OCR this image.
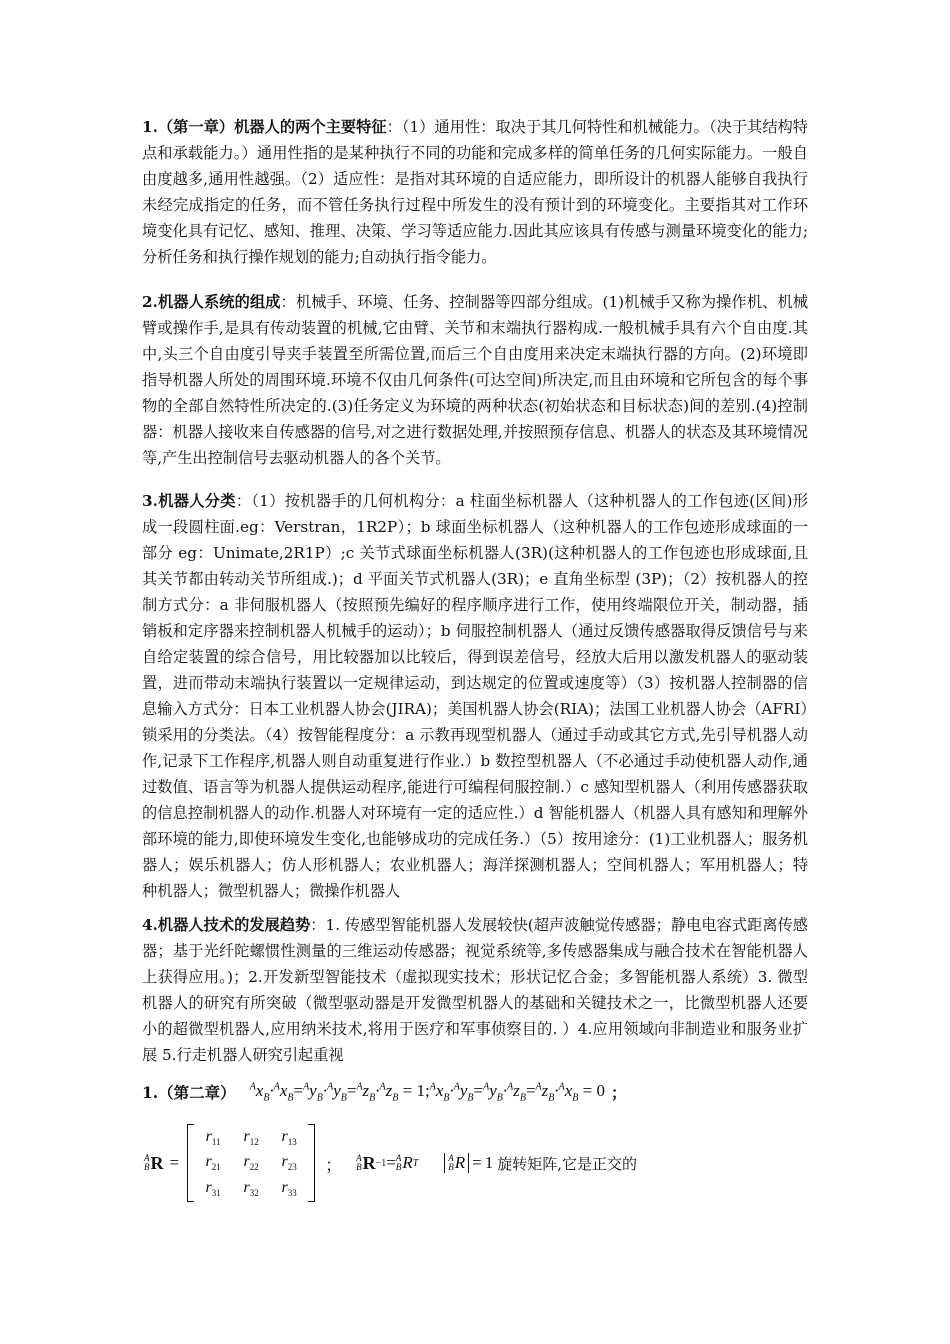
1.（第一章）机器人的两个主要特征：（1）通用性：取决于其几何特性和机械能力。（决于其结构特点和承载能力。）通用性指的是某种执行不同的功能和完成多样的简单任务的几何实际能力。一般自由度越多,通用性越强。（2）适应性：是指对其环境的自适应能力，即所设计的机器人能够自我执行未经完成指定的任务，而不管任务执行过程中所发生的没有预计到的环境变化。主要指其对工作环境变化具有记忆、感知、推理、决策、学习等适应能力.因此其应该具有传感与测量环境变化的能力;分析任务和执行操作规划的能力;自动执行指令能力。

2.机器人系统的组成：机械手、环境、任务、控制器等四部分组成。(1)机械手又称为操作机、机械臂或操作手,是具有传动装置的机械,它由臂、关节和末端执行器构成.一般机械手具有六个自由度.其中,头三个自由度引导夹手装置至所需位置,而后三个自由度用来决定末端执行器的方向。(2)环境即指导机器人所处的周围环境.环境不仅由几何条件(可达空间)所决定,而且由环境和它所包含的每个事物的全部自然特性所决定的.(3)任务定义为环境的两种状态(初始状态和目标状态)间的差别.(4)控制器：机器人接收来自传感器的信号,对之进行数据处理,并按照预存信息、机器人的状态及其环境情况等,产生出控制信号去驱动机器人的各个关节。

3.机器人分类：（1）按机器手的几何机构分：a 柱面坐标机器人（这种机器人的工作包迹(区间)形成一段圆柱面.eg：Verstran，1R2P）；b 球面坐标机器人（这种机器人的工作包迹形成球面的一部分 eg：Unimate,2R1P）;c 关节式球面坐标机器人(3R)(这种机器人的工作包迹也形成球面,且其关节都由转动关节所组成.)；d 平面关节式机器人(3R)；e 直角坐标型 (3P)；（2）按机器人的控制方式分：a 非伺服机器人（按照预先编好的程序顺序进行工作，使用终端限位开关，制动器，插销板和定序器来控制机器人机械手的运动）；b 伺服控制机器人（通过反馈传感器取得反馈信号与来自给定装置的综合信号，用比较器加以比较后，得到误差信号，经放大后用以激发机器人的驱动装置，进而带动末端执行装置以一定规律运动，到达规定的位置或速度等）（3）按机器人控制器的信息输入方式分：日本工业机器人协会(JIRA)；美国机器人协会(RIA)；法国工业机器人协会（AFRI）锁采用的分类法。（4）按智能程度分：a 示教再现型机器人（通过手动或其它方式,先引导机器人动作,记录下工作程序,机器人则自动重复进行作业.）b 数控型机器人（不必通过手动使机器人动作,通过数值、语言等为机器人提供运动程序,能进行可编程伺服控制.）c 感知型机器人（利用传感器获取的信息控制机器人的动作.机器人对环境有一定的适应性.）d 智能机器人（机器人具有感知和理解外部环境的能力,即使环境发生变化,也能够成功的完成任务.）（5）按用途分：(1)工业机器人；服务机器人；娱乐机器人；仿人形机器人；农业机器人；海洋探测机器人；空间机器人；军用机器人；特种机器人；微型机器人；微操作机器人

4.机器人技术的发展趋势：1. 传感型智能机器人发展较快(超声波触觉传感器；静电电容式距离传感器；基于光纤陀螺惯性测量的三维运动传感器；视觉系统等,多传感器集成与融合技术在智能机器人上获得应用。)；2.开发新型智能技术（虚拟现实技术；形状记忆合金；多智能机器人系统）3. 微型机器人的研究有所突破（微型驱动器是开发微型机器人的基础和关键技术之一，比微型机器人还要小的超微型机器人,应用纳米技术,将用于医疗和军事侦察目的. ）4.应用领域向非制造业和服务业扩展 5.行走机器人研究引起重视

1.（第二章） $^Ax_B\cdot^Ax_B=^Ay_B\cdot^Ay_B=^Az_B\cdot^Az_B$ = $1;^Ax_B\cdot^Ay_B=^Ay_B\cdot^Az_B=^Az_B\cdot^Ax_B = 0$ ；
A
B R =
$r_{11}$	$r_{12}$	$r_{13}$
$r_{21}$	$r_{22}$	$r_{23}$
$r_{31}$	$r_{32}$	$r_{33}$
； A
B R −1 = A
B R T	A
B R = 1 旋转矩阵,它是正交的
